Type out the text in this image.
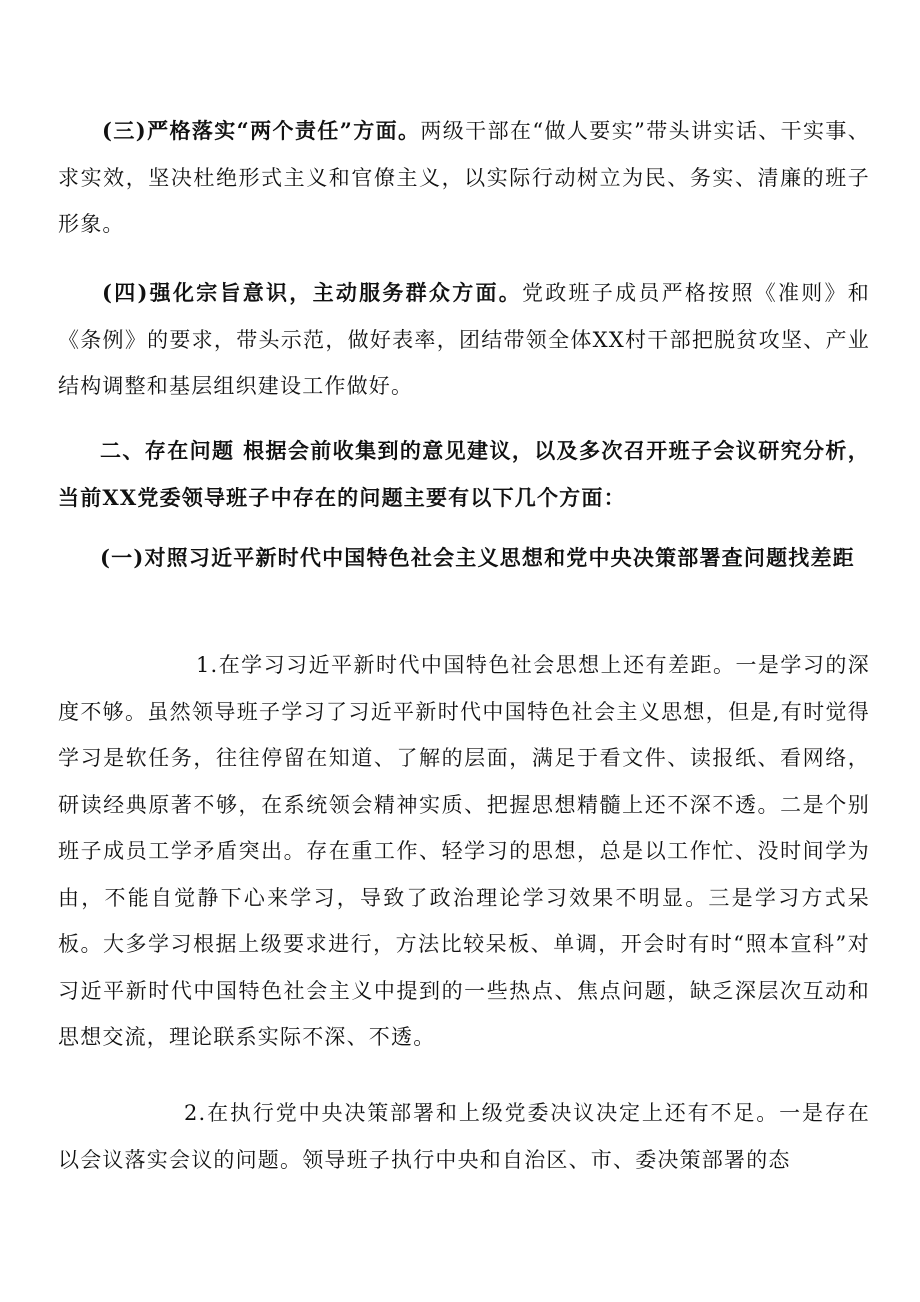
(三)严格落实“两个责任”方面。两级干部在“做人要实”带头讲实话、干实事、求实效，坚决杜绝形式主义和官僚主义，以实际行动树立为民、务实、清廉的班子形象。

(四)强化宗旨意识，主动服务群众方面。党政班子成员严格按照《准则》和《条例》的要求，带头示范，做好表率，团结带领全体XX村干部把脱贫攻坚、产业结构调整和基层组织建设工作做好。

二、存在问题 根据会前收集到的意见建议，以及多次召开班子会议研究分析，当前XX党委领导班子中存在的问题主要有以下几个方面：

(一)对照习近平新时代中国特色社会主义思想和党中央决策部署查问题找差距

1.在学习习近平新时代中国特色社会思想上还有差距。一是学习的深度不够。虽然领导班子学习了习近平新时代中国特色社会主义思想，但是,有时觉得学习是软任务，往往停留在知道、了解的层面，满足于看文件、读报纸、看网络，研读经典原著不够，在系统领会精神实质、把握思想精髓上还不深不透。二是个别班子成员工学矛盾突出。存在重工作、轻学习的思想，总是以工作忙、没时间学为由，不能自觉静下心来学习，导致了政治理论学习效果不明显。三是学习方式呆板。大多学习根据上级要求进行，方法比较呆板、单调，开会时有时“照本宣科”对习近平新时代中国特色社会主义中提到的一些热点、焦点问题，缺乏深层次互动和思想交流，理论联系实际不深、不透。

2.在执行党中央决策部署和上级党委决议决定上还有不足。一是存在以会议落实会议的问题。领导班子执行中央和自治区、市、委决策部署的态
